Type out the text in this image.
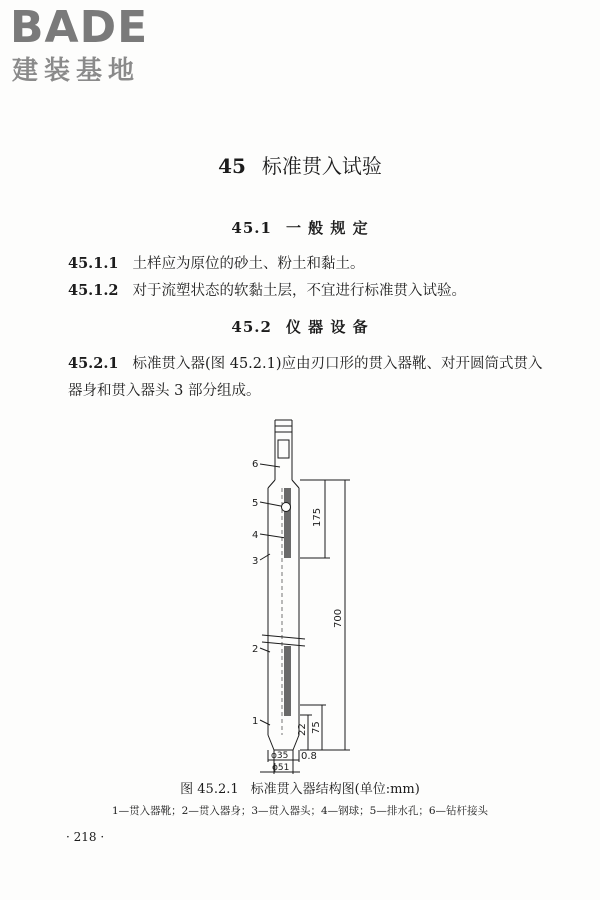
BADE
建装基地
45 标准贯入试验
45.1 一 般 规 定
45.1.1 土样应为原位的砂土、粉土和黏土。
45.1.2 对于流塑状态的软黏土层，不宜进行标准贯入试验。
45.2 仪 器 设 备
45.2.1 标准贯入器(图 45.2.1)应由刃口形的贯入器靴、对开圆筒式贯入器身和贯入器头 3 部分组成。
6
5
4
3
2
1
175
700
22 75
0.8
ϕ35
ϕ51
图 45.2.1 标准贯入器结构图(单位:mm)
1—贯入器靴；2—贯入器身；3—贯入器头；4—钢球；5—排水孔；6—钻杆接头
· 218 ·
